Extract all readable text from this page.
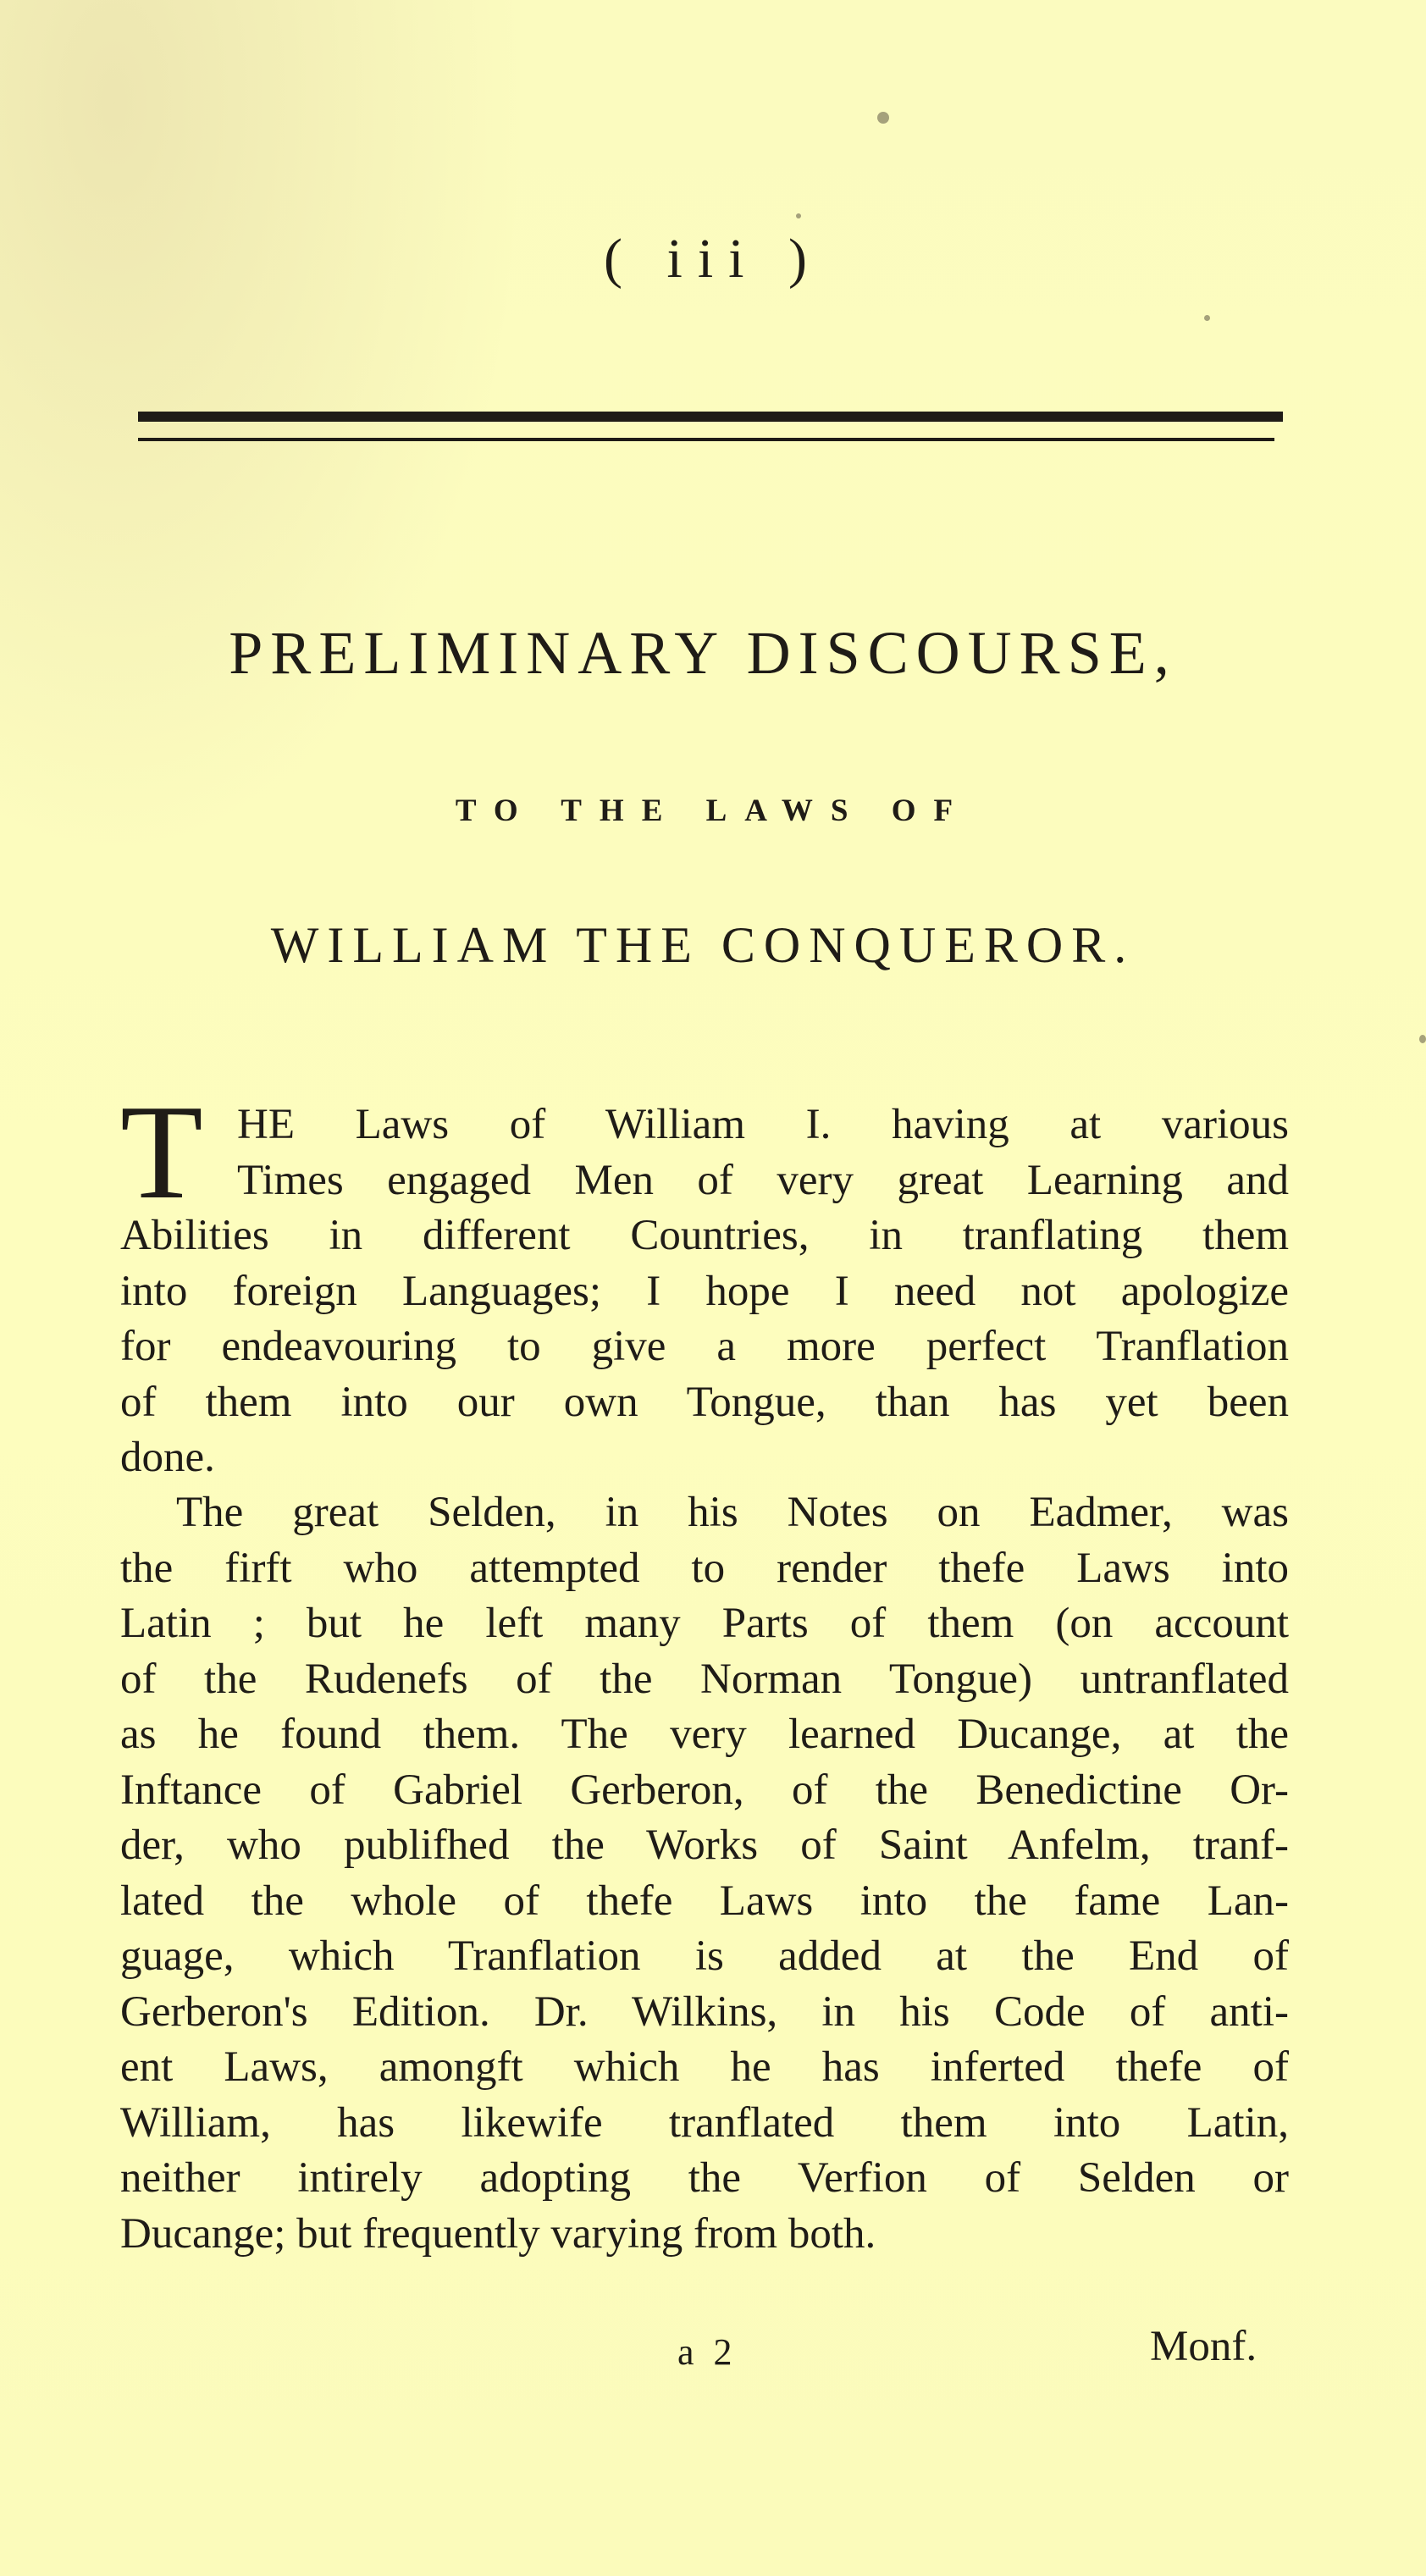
( iii )
PRELIMINARY DISCOURSE,
TO THE LAWS OF
WILLIAM THE CONQUEROR.
T HE Laws of William I. having at various
Times engaged Men of very great Learning and
Abilities in different Countries, in tranflating them
into foreign Languages; I hope I need not apologize
for endeavouring to give a more perfect Tranflation
of them into our own Tongue, than has yet been
done.
The great Selden, in his Notes on Eadmer, was
the firft who attempted to render thefe Laws into
Latin ; but he left many Parts of them (on account
of the Rudenefs of the Norman Tongue) untranflated
as he found them. The very learned Ducange, at the
Inftance of Gabriel Gerberon, of the Benedictine Or-
der, who publifhed the Works of Saint Anfelm, tranf-
lated the whole of thefe Laws into the fame Lan-
guage, which Tranflation is added at the End of
Gerberon's Edition. Dr. Wilkins, in his Code of anti-
ent Laws, amongft which he has inferted thefe of
William, has likewife tranflated them into Latin,
neither intirely adopting the Verfion of Selden or
Ducange; but frequently varying from both.
a 2	Monf.
